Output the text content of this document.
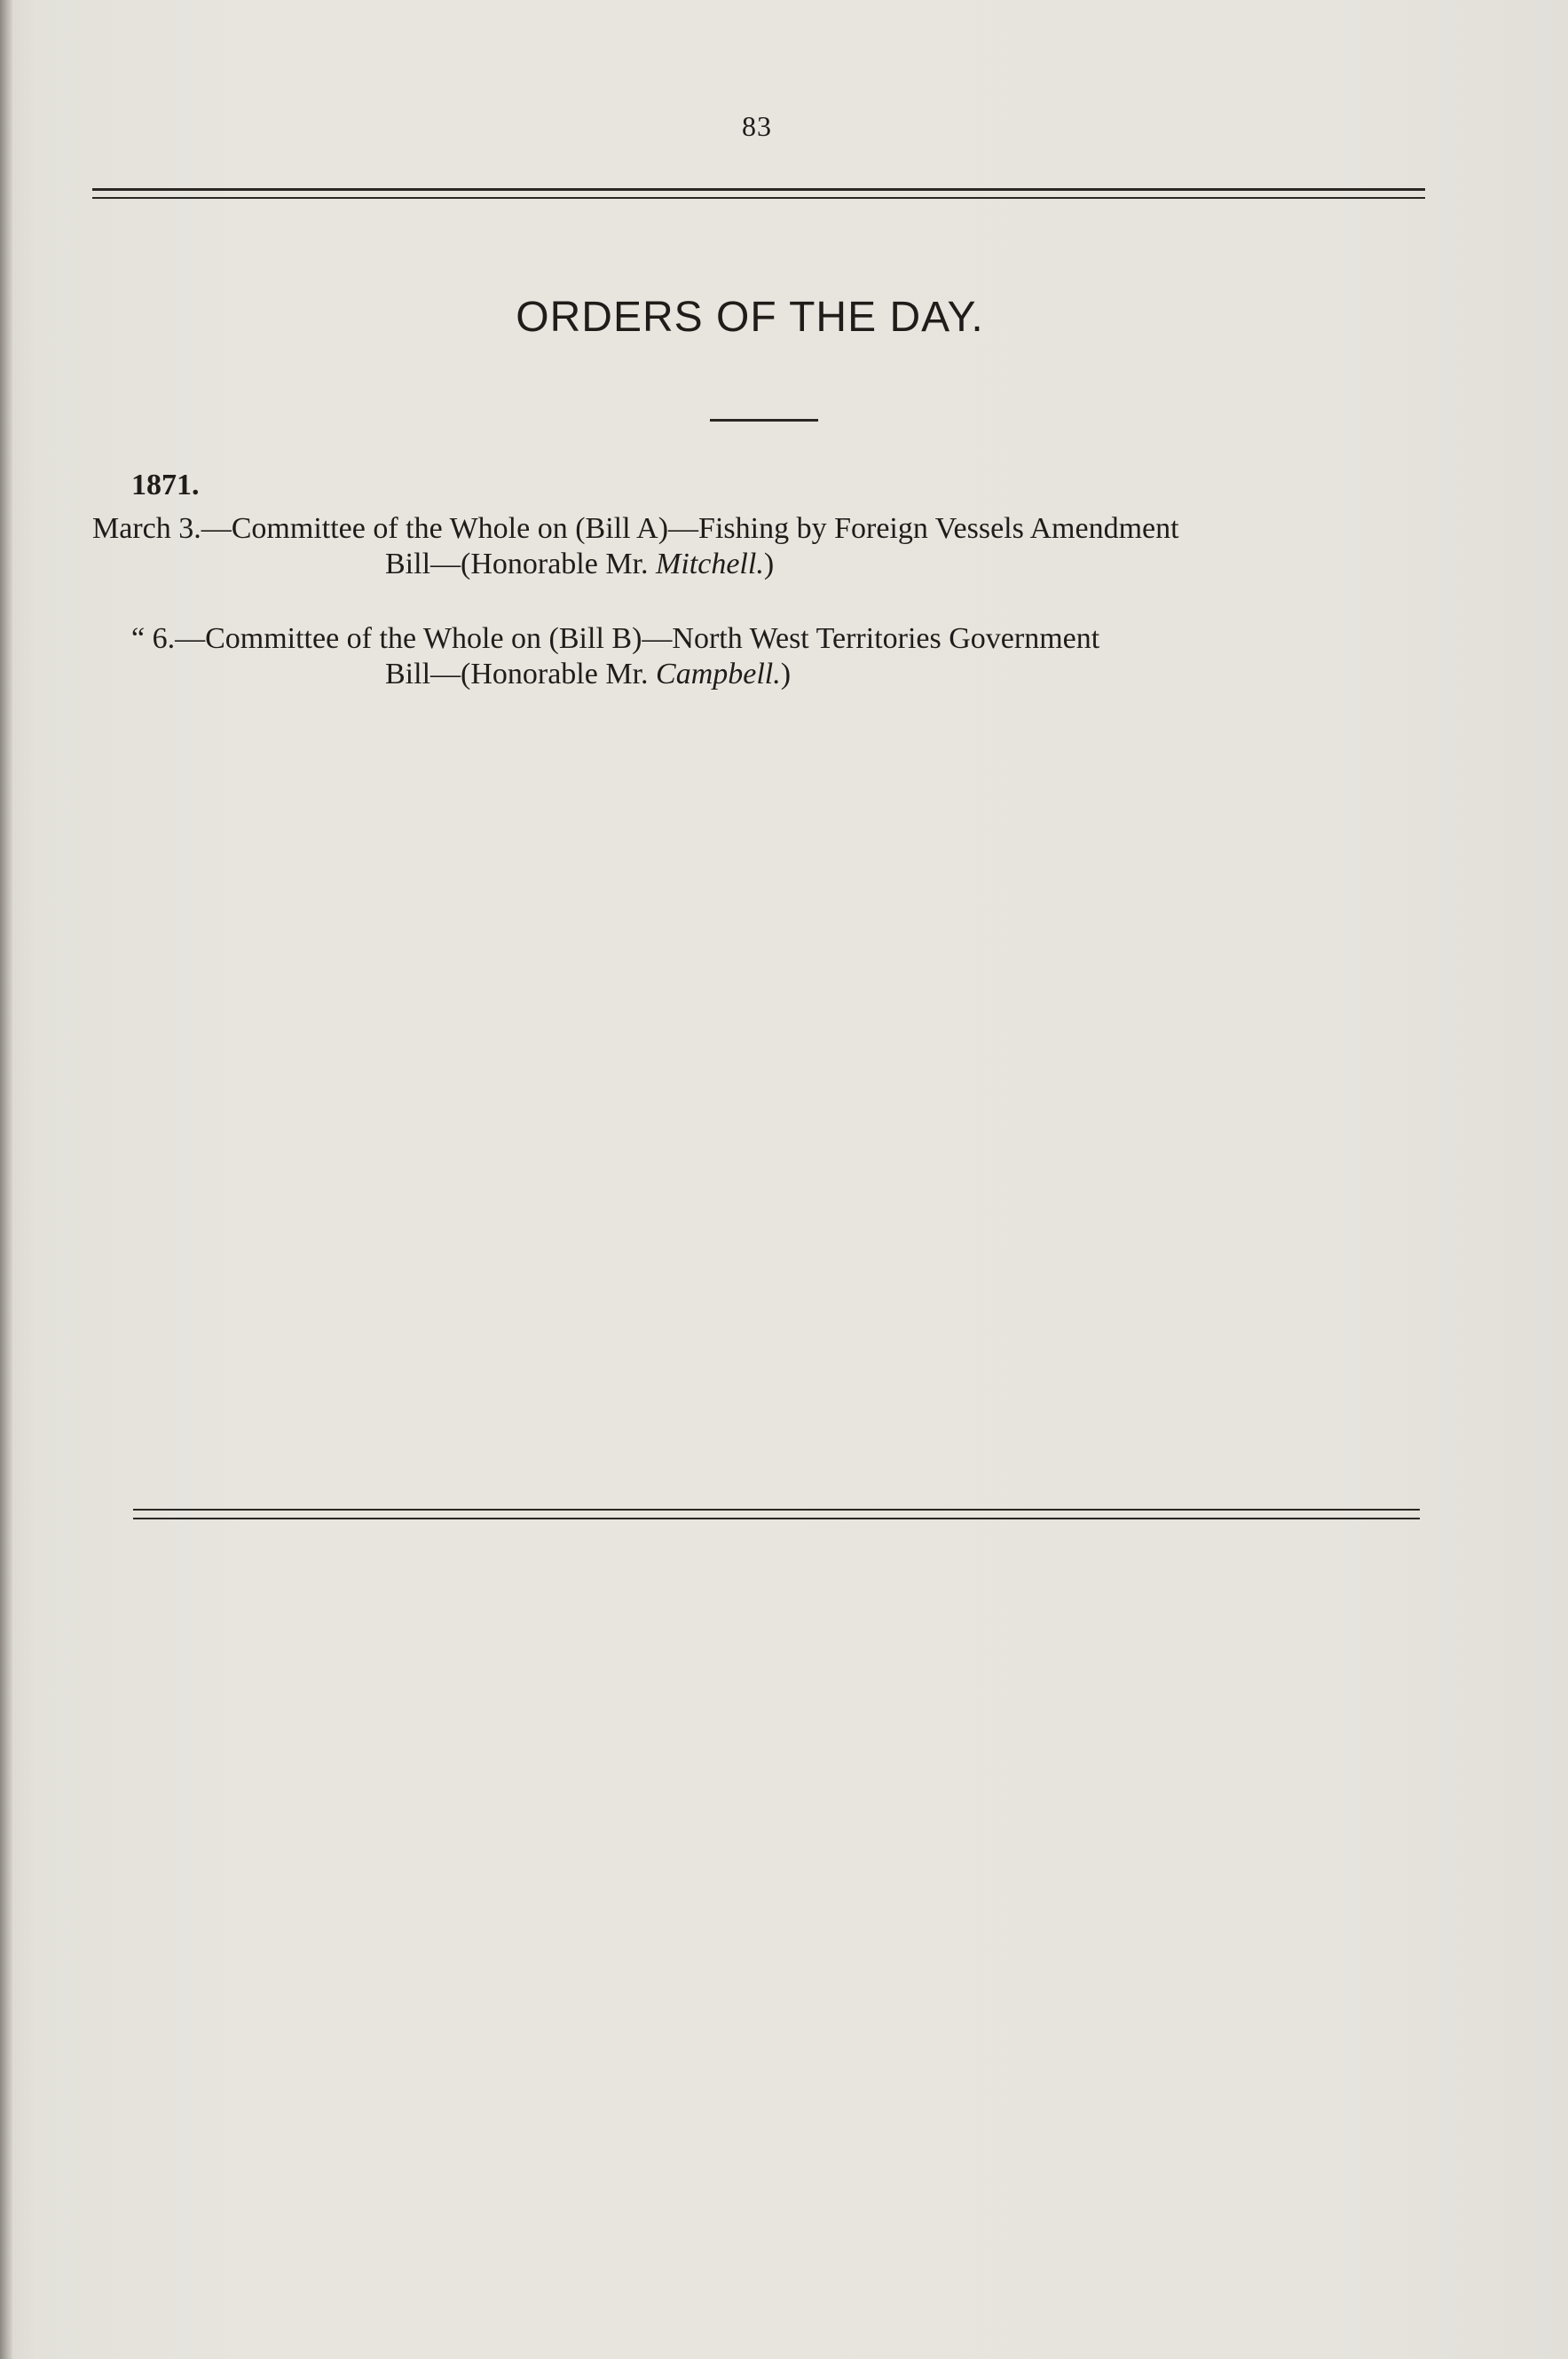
83
ORDERS OF THE DAY.
1871.
March 3.—Committee of the Whole on (Bill A)—Fishing by Foreign Vessels Amendment
Bill—(Honorable Mr. Mitchell.)
“ 6.—Committee of the Whole on (Bill B)—North West Territories Government
Bill—(Honorable Mr. Campbell.)
